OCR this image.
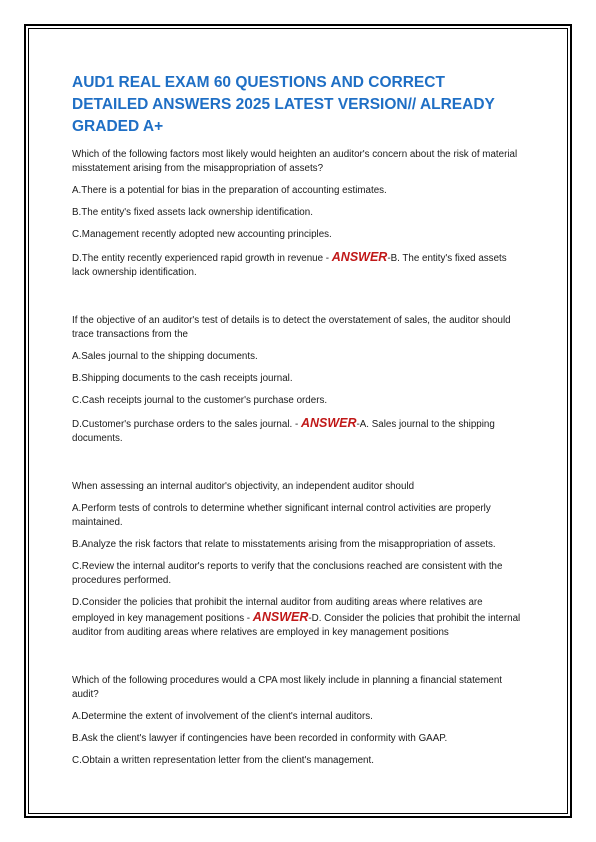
AUD1 REAL EXAM 60 QUESTIONS AND CORRECT DETAILED ANSWERS 2025 LATEST VERSION// ALREADY GRADED A+

Which of the following factors most likely would heighten an auditor's concern about the risk of material misstatement arising from the misappropriation of assets?

A.There is a potential for bias in the preparation of accounting estimates.

B.The entity's fixed assets lack ownership identification.

C.Management recently adopted new accounting principles.

D.The entity recently experienced rapid growth in revenue - ANSWER-B. The entity's fixed assets lack ownership identification.

If the objective of an auditor's test of details is to detect the overstatement of sales, the auditor should trace transactions from the

A.Sales journal to the shipping documents.

B.Shipping documents to the cash receipts journal.

C.Cash receipts journal to the customer's purchase orders.

D.Customer's purchase orders to the sales journal. - ANSWER-A. Sales journal to the shipping documents.

When assessing an internal auditor's objectivity, an independent auditor should

A.Perform tests of controls to determine whether significant internal control activities are properly maintained.

B.Analyze the risk factors that relate to misstatements arising from the misappropriation of assets.

C.Review the internal auditor's reports to verify that the conclusions reached are consistent with the procedures performed.

D.Consider the policies that prohibit the internal auditor from auditing areas where relatives are employed in key management positions - ANSWER-D. Consider the policies that prohibit the internal auditor from auditing areas where relatives are employed in key management positions

Which of the following procedures would a CPA most likely include in planning a financial statement audit?

A.Determine the extent of involvement of the client's internal auditors.

B.Ask the client's lawyer if contingencies have been recorded in conformity with GAAP.

C.Obtain a written representation letter from the client's management.
